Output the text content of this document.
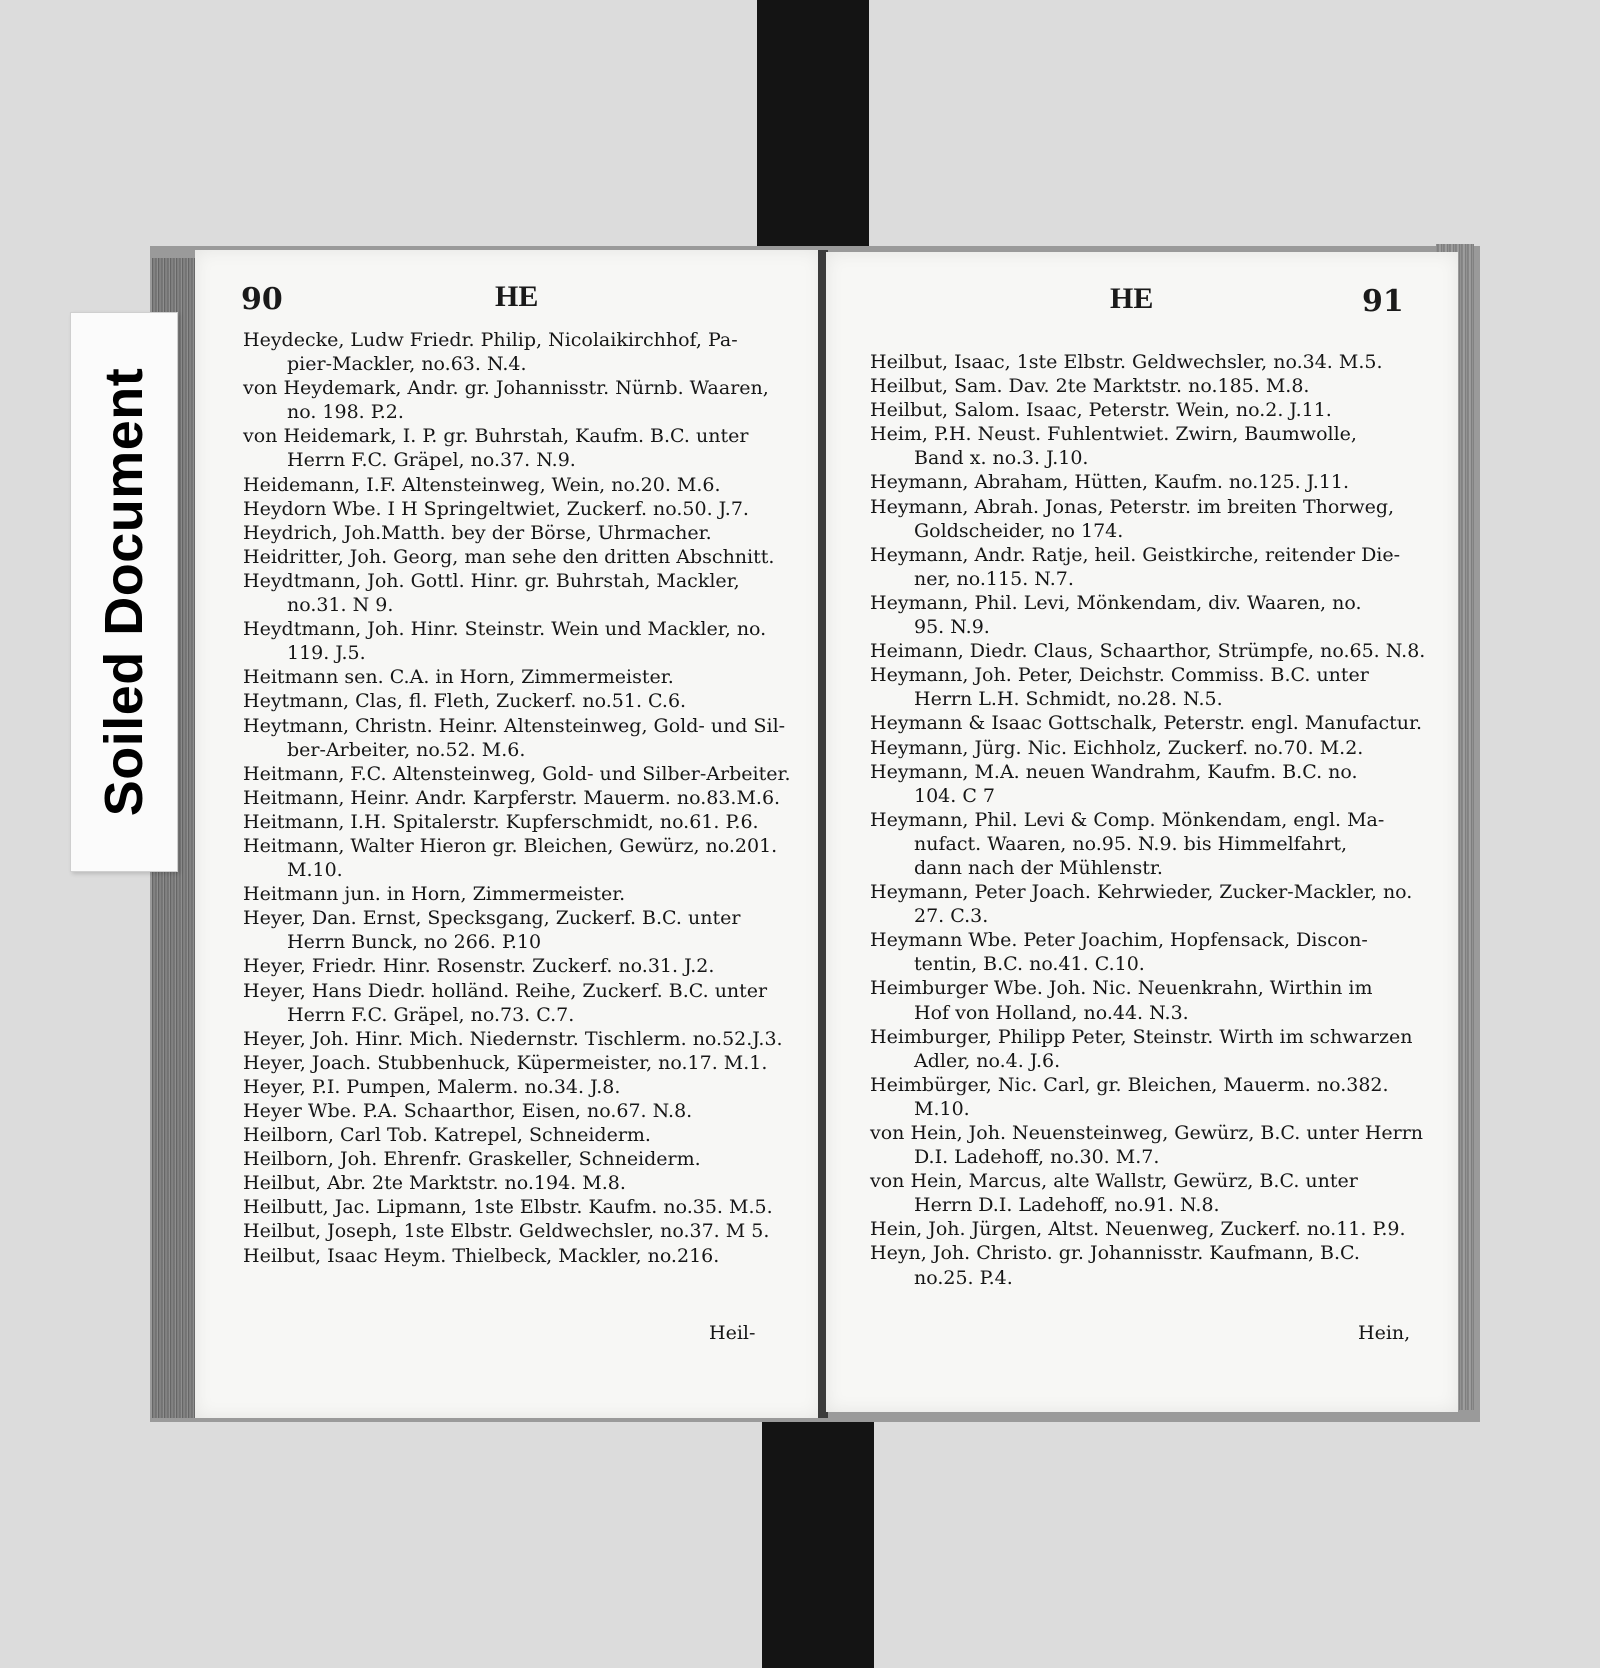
90	HE
Heydecke, Ludw Friedr. Philip, Nicolaikirchhof, Pa-
pier-Mackler, no.63. N.4.
von Heydemark, Andr. gr. Johannisstr. Nürnb. Waaren,
no. 198. P.2.
von Heidemark, I. P. gr. Buhrstah, Kaufm. B.C. unter
Herrn F.C. Gräpel, no.37. N.9.
Heidemann, I.F. Altensteinweg, Wein, no.20. M.6.
Heydorn Wbe. I H Springeltwiet, Zuckerf. no.50. J.7.
Heydrich, Joh.Matth. bey der Börse, Uhrmacher.
Heidritter, Joh. Georg, man sehe den dritten Abschnitt.
Heydtmann, Joh. Gottl. Hinr. gr. Buhrstah, Mackler,
no.31. N 9.
Heydtmann, Joh. Hinr. Steinstr. Wein und Mackler, no.
119. J.5.
Heitmann sen. C.A. in Horn, Zimmermeister.
Heytmann, Clas, fl. Fleth, Zuckerf. no.51. C.6.
Heytmann, Christn. Heinr. Altensteinweg, Gold- und Sil-
ber-Arbeiter, no.52. M.6.
Heitmann, F.C. Altensteinweg, Gold- und Silber-Arbeiter.
Heitmann, Heinr. Andr. Karpferstr. Mauerm. no.83.M.6.
Heitmann, I.H. Spitalerstr. Kupferschmidt, no.61. P.6.
Heitmann, Walter Hieron gr. Bleichen, Gewürz, no.201.
M.10.
Heitmann jun. in Horn, Zimmermeister.
Heyer, Dan. Ernst, Specksgang, Zuckerf. B.C. unter
Herrn Bunck, no 266. P.10
Heyer, Friedr. Hinr. Rosenstr. Zuckerf. no.31. J.2.
Heyer, Hans Diedr. holländ. Reihe, Zuckerf. B.C. unter
Herrn F.C. Gräpel, no.73. C.7.
Heyer, Joh. Hinr. Mich. Niedernstr. Tischlerm. no.52.J.3.
Heyer, Joach. Stubbenhuck, Küpermeister, no.17. M.1.
Heyer, P.I. Pumpen, Malerm. no.34. J.8.
Heyer Wbe. P.A. Schaarthor, Eisen, no.67. N.8.
Heilborn, Carl Tob. Katrepel, Schneiderm.
Heilborn, Joh. Ehrenfr. Graskeller, Schneiderm.
Heilbut, Abr. 2te Marktstr. no.194. M.8.
Heilbutt, Jac. Lipmann, 1ste Elbstr. Kaufm. no.35. M.5.
Heilbut, Joseph, 1ste Elbstr. Geldwechsler, no.37. M 5.
Heilbut, Isaac Heym. Thielbeck, Mackler, no.216.
Heil-
HE	91
Heilbut, Isaac, 1ste Elbstr. Geldwechsler, no.34. M.5.
Heilbut, Sam. Dav. 2te Marktstr. no.185. M.8.
Heilbut, Salom. Isaac, Peterstr. Wein, no.2. J.11.
Heim, P.H. Neust. Fuhlentwiet. Zwirn, Baumwolle,
Band x. no.3. J.10.
Heymann, Abraham, Hütten, Kaufm. no.125. J.11.
Heymann, Abrah. Jonas, Peterstr. im breiten Thorweg,
Goldscheider, no 174.
Heymann, Andr. Ratje, heil. Geistkirche, reitender Die-
ner, no.115. N.7.
Heymann, Phil. Levi, Mönkendam, div. Waaren, no.
95. N.9.
Heimann, Diedr. Claus, Schaarthor, Strümpfe, no.65. N.8.
Heymann, Joh. Peter, Deichstr. Commiss. B.C. unter
Herrn L.H. Schmidt, no.28. N.5.
Heymann & Isaac Gottschalk, Peterstr. engl. Manufactur.
Heymann, Jürg. Nic. Eichholz, Zuckerf. no.70. M.2.
Heymann, M.A. neuen Wandrahm, Kaufm. B.C. no.
104. C 7
Heymann, Phil. Levi & Comp. Mönkendam, engl. Ma-
nufact. Waaren, no.95. N.9. bis Himmelfahrt,
dann nach der Mühlenstr.
Heymann, Peter Joach. Kehrwieder, Zucker-Mackler, no.
27. C.3.
Heymann Wbe. Peter Joachim, Hopfensack, Discon-
tentin, B.C. no.41. C.10.
Heimburger Wbe. Joh. Nic. Neuenkrahn, Wirthin im
Hof von Holland, no.44. N.3.
Heimburger, Philipp Peter, Steinstr. Wirth im schwarzen
Adler, no.4. J.6.
Heimbürger, Nic. Carl, gr. Bleichen, Mauerm. no.382.
M.10.
von Hein, Joh. Neuensteinweg, Gewürz, B.C. unter Herrn
D.I. Ladehoff, no.30. M.7.
von Hein, Marcus, alte Wallstr, Gewürz, B.C. unter
Herrn D.I. Ladehoff, no.91. N.8.
Hein, Joh. Jürgen, Altst. Neuenweg, Zuckerf. no.11. P.9.
Heyn, Joh. Christo. gr. Johannisstr. Kaufmann, B.C.
no.25. P.4.
Hein,
Soiled Document
